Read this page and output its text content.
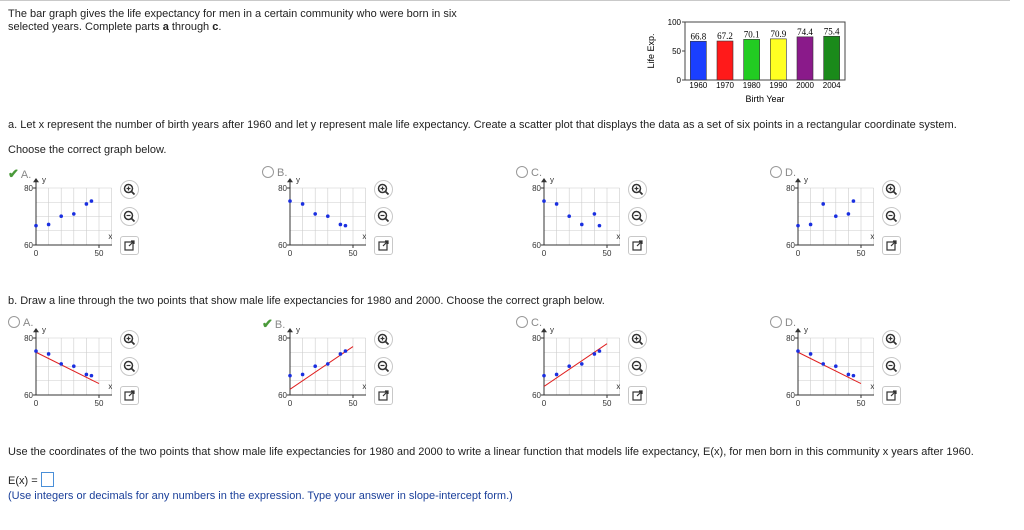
The bar graph gives the life expectancy for men in a certain community who were born in six
selected years. Complete parts a through c.
Life Exp.
100
50
0
66.8
1960
67.2
1970
70.1
1980
70.9
1990
74.4
2000
75.4
2004
Birth Year
a. Let x represent the number of birth years after 1960 and let y represent male life expectancy. Create a scatter plot that displays the data as a set of six points in a rectangular coordinate system.
Choose the correct graph below.
b. Draw a line through the two points that show male life expectancies for 1980 and 2000. Choose the correct graph below.
Use the coordinates of the two points that show male life expectancies for 1980 and 2000 to write a linear function that models life expectancy, E(x), for men born in this community x years after 1960.
E(x) =
(Use integers or decimals for any numbers in the expression. Type your answer in slope-intercept form.)
✔ A.
80
60
0	50
x
y
B.
80
60
0	50
x
y
C.
80
60
0	50
x
y
D.
80
60
0	50
x
y
A.
80
60
0	50
x
y	✔ B.
80
60
0	50
x
y
C.
80
60
0	50
x
y
D.
80
60
0	50
x
y
